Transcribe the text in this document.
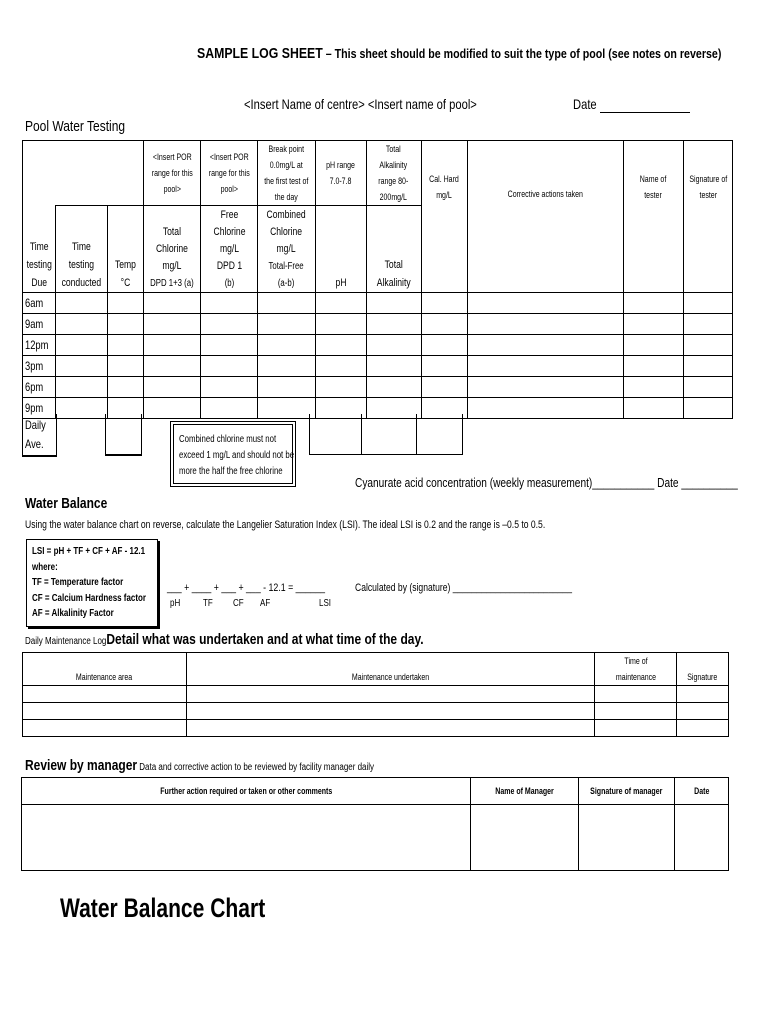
SAMPLE LOG SHEET – This sheet should be modified to suit the type of pool (see notes on reverse)
<Insert Name of centre> <Insert name of pool>	Date
Pool Water Testing
			<Insert POR
range for this
pool>	<Insert POR
range for this
pool>	Break point
0.0mg/L at
the first test of
the day	pH range
7.0-7.8	Total
Alkalinity
range 80-
200mg/L	Cal. Hard
mg/L	Corrective actions taken	Name of
tester	Signature of
tester
Time
testing
Due	Time
testing
conducted	Temp
°C	Total
Chlorine
mg/L
DPD 1+3 (a)	Free
Chlorine
mg/L
DPD 1
(b)	Combined
Chlorine
mg/L
Total-Free
(a-b)	pH	Total
Alkalinity				
6am											
9am											
12pm											
3pm											
6pm											
9pm											
Daily
Ave.	Combined chlorine must not
exceed 1 mg/L and should not be
more the half the free chlorine
Cyanurate acid concentration (weekly measurement)___________ Date __________
Water Balance
Using the water balance chart on reverse, calculate the Langelier Saturation Index (LSI). The ideal LSI is 0.2 and the range is –0.5 to 0.5.
LSI = pH + TF + CF + AF - 12.1
where:
TF = Temperature factor
CF = Calcium Hardness factor
AF = Alkalinity Factor
___ + ____ + ___ + ___ - 12.1 = ______
pH TF CF AF	LSI
Calculated by (signature) _________________________
Daily Maintenance LogDetail what was undertaken and at what time of the day.
Maintenance area	Maintenance undertaken	Time of maintenance	Signature

Review by manager Data and corrective action to be reviewed by facility manager daily
Further action required or taken or other comments	Name of Manager	Signature of manager	Date

Water Balance Chart
